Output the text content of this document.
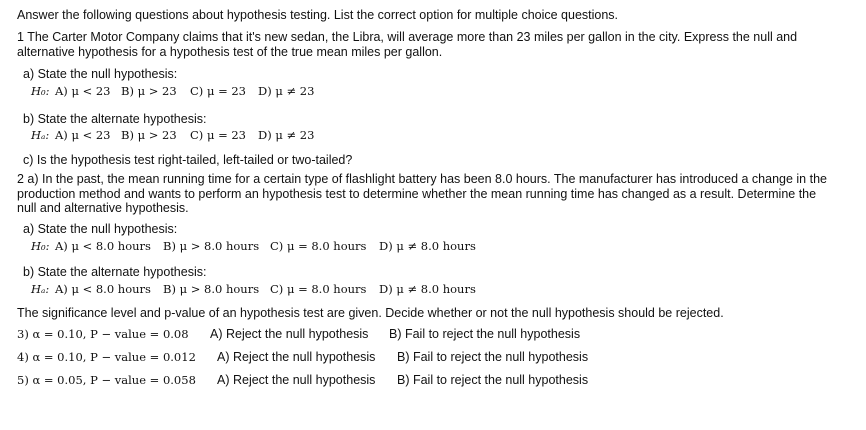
Answer the following questions about hypothesis testing. List the correct option for multiple choice questions.
1 The Carter Motor Company claims that it's new sedan, the Libra, will average more than 23 miles per gallon in the city. Express the null and alternative hypothesis for a hypothesis test of the true mean miles per gallon.
a) State the null hypothesis:
H₀: A) μ < 23 B) μ > 23 C) μ = 23 D) μ ≠ 23
b) State the alternate hypothesis:
Hₐ: A) μ < 23 B) μ > 23 C) μ = 23 D) μ ≠ 23
c) Is the hypothesis test right-tailed, left-tailed or two-tailed?
2 a) In the past, the mean running time for a certain type of flashlight battery has been 8.0 hours. The manufacturer has introduced a change in the production method and wants to perform an hypothesis test to determine whether the mean running time has changed as a result. Determine the null and alternative hypothesis.
a) State the null hypothesis:
H₀: A) μ < 8.0 hours B) μ > 8.0 hours C) μ = 8.0 hours D) μ ≠ 8.0 hours
b) State the alternate hypothesis:
Hₐ: A) μ < 8.0 hours B) μ > 8.0 hours C) μ = 8.0 hours D) μ ≠ 8.0 hours
The significance level and p-value of an hypothesis test are given. Decide whether or not the null hypothesis should be rejected.
3) α = 0.10, P − value = 0.08 A) Reject the null hypothesis B) Fail to reject the null hypothesis
4) α = 0.10, P − value = 0.012 A) Reject the null hypothesis B) Fail to reject the null hypothesis
5) α = 0.05, P − value = 0.058 A) Reject the null hypothesis B) Fail to reject the null hypothesis
